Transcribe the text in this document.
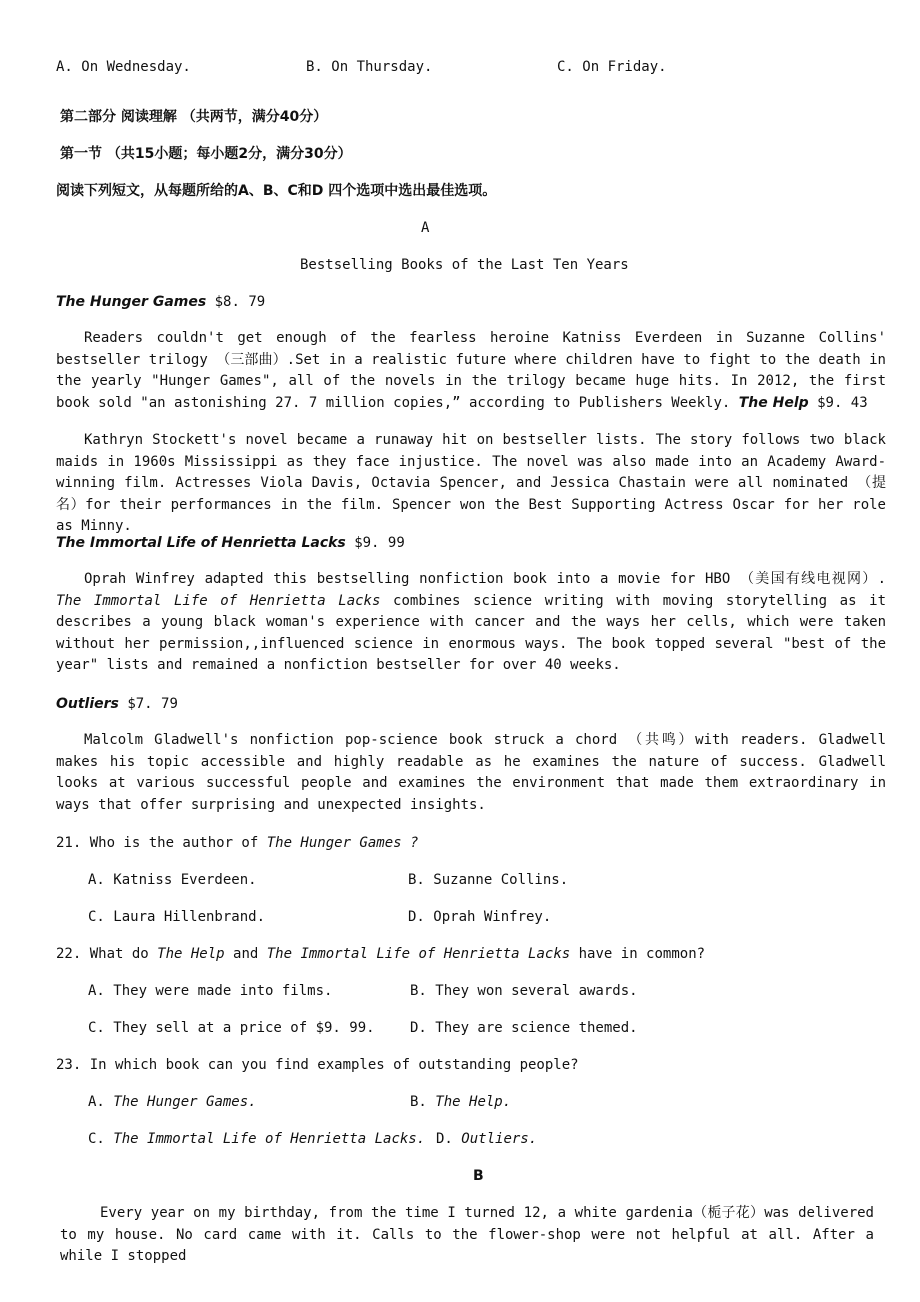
A. On Wednesday.	B. On Thursday.	C. On Friday.
第二部分 阅读理解 （共两节，满分40分）
第一节 （共15小题；每小题2分，满分30分）
阅读下列短文，从每题所给的A、B、C和D 四个选项中选出最佳选项。
A
Bestselling Books of the Last Ten Years
The Hunger Games $8. 79
Readers couldn't get enough of the fearless heroine Katniss Everdeen in Suzanne Collins' bestseller trilogy （三部曲）.Set in a realistic future where children have to fight to the death in the yearly "Hunger Games", all of the novels in the trilogy became huge hits. In 2012, the first book sold "an astonishing 27. 7 million copies,” according to Publishers Weekly. The Help $9. 43
Kathryn Stockett's novel became a runaway hit on bestseller lists. The story follows two black maids in 1960s Mississippi as they face injustice. The novel was also made into an Academy Award-winning film. Actresses Viola Davis, Octavia Spencer, and Jessica Chastain were all nominated （提名）for their performances in the film. Spencer won the Best Supporting Actress Oscar for her role as Minny.
The Immortal Life of Henrietta Lacks $9. 99
Oprah Winfrey adapted this bestselling nonfiction book into a movie for HBO （美国有线电视网）. The Immortal Life of Henrietta Lacks combines science writing with moving storytelling as it describes a young black woman's experience with cancer and the ways her cells, which were taken without her permission,,influenced science in enormous ways. The book topped several "best of the year" lists and remained a nonfiction bestseller for over 40 weeks.
Outliers $7. 79
Malcolm Gladwell's nonfiction pop-science book struck a chord （共鸣）with readers. Gladwell makes his topic accessible and highly readable as he examines the nature of success. Gladwell looks at various successful people and examines the environment that made them extraordinary in ways that offer surprising and unexpected insights.
21. Who is the author of The Hunger Games ?
A. Katniss Everdeen.	B. Suzanne Collins.
C. Laura Hillenbrand.	D. Oprah Winfrey.
22. What do The Help and The Immortal Life of Henrietta Lacks have in common?
A. They were made into films.	B. They won several awards.
C. They sell at a price of $9. 99.	D. They are science themed.
23. In which book can you find examples of outstanding people?
A. The Hunger Games.	B. The Help.
C. The Immortal Life of Henrietta Lacks. D. Outliers.
B
Every year on my birthday, from the time I turned 12, a white gardenia（栀子花）was delivered to my house. No card came with it. Calls to the flower-shop were not helpful at all. After a while I stopped
